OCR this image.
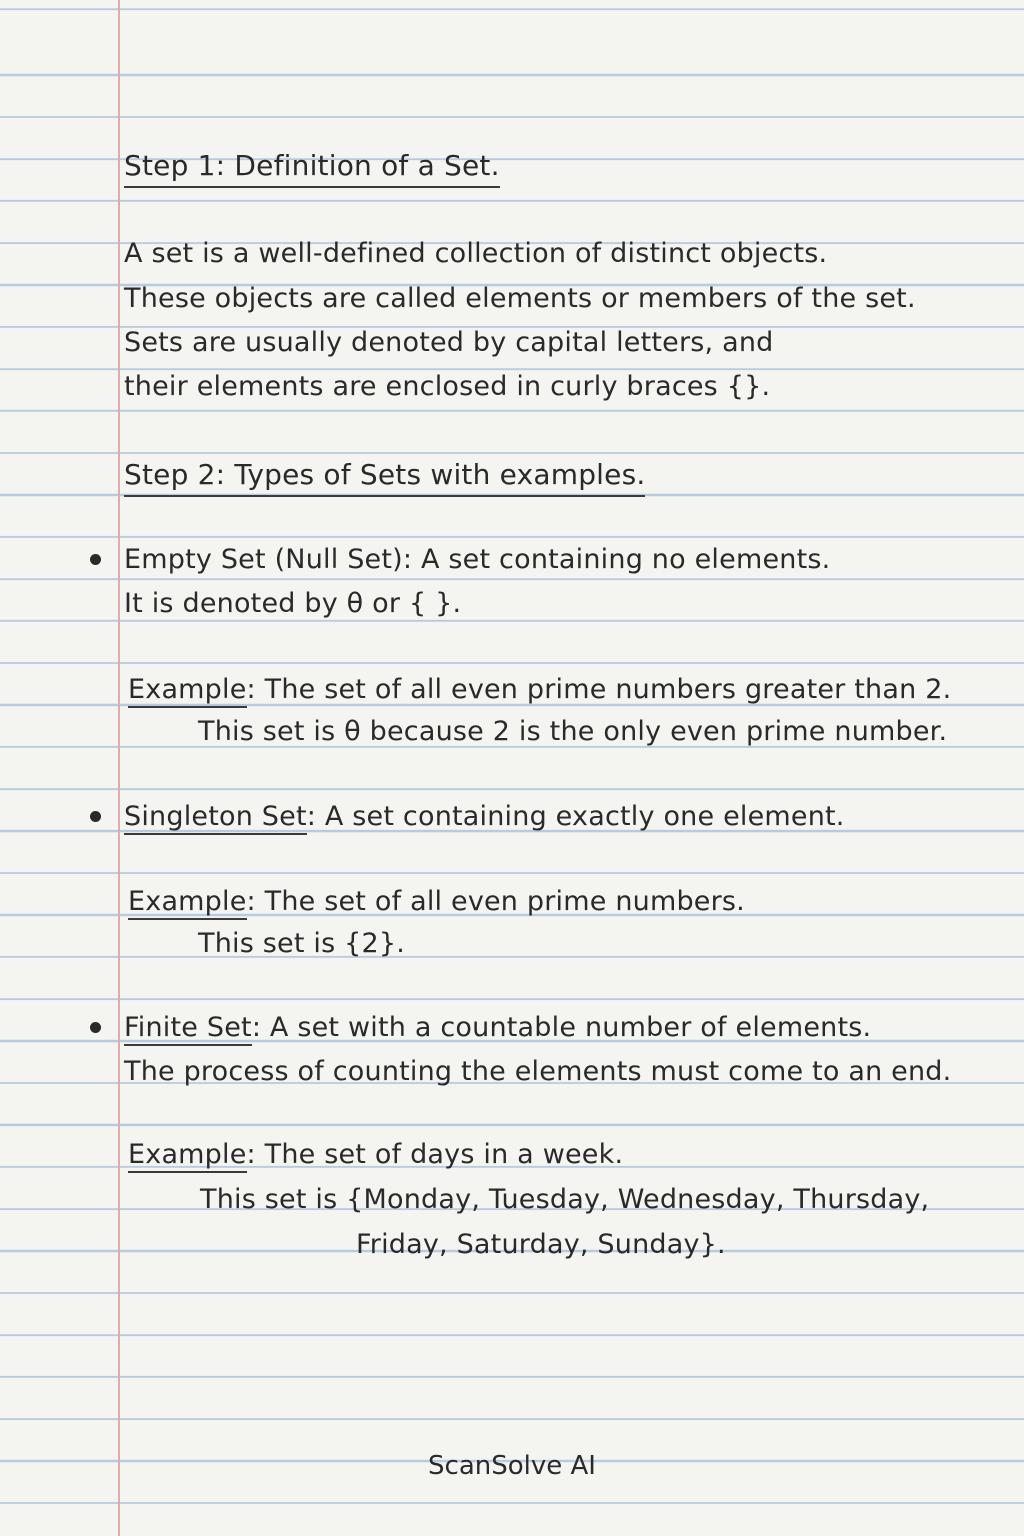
Step 1: Definition of a Set.
A set is a well-defined collection of distinct objects.
These objects are called elements or members of the set.
Sets are usually denoted by capital letters, and
their elements are enclosed in curly braces {}.
Step 2: Types of Sets with examples.
Empty Set (Null Set): A set containing no elements.
It is denoted by θ or { }.
Example: The set of all even prime numbers greater than 2.
This set is θ because 2 is the only even prime number.
Singleton Set: A set containing exactly one element.
Example: The set of all even prime numbers.
This set is {2}.
Finite Set: A set with a countable number of elements.
The process of counting the elements must come to an end.
Example: The set of days in a week.
This set is {Monday, Tuesday, Wednesday, Thursday,
Friday, Saturday, Sunday}.
ScanSolve AI
